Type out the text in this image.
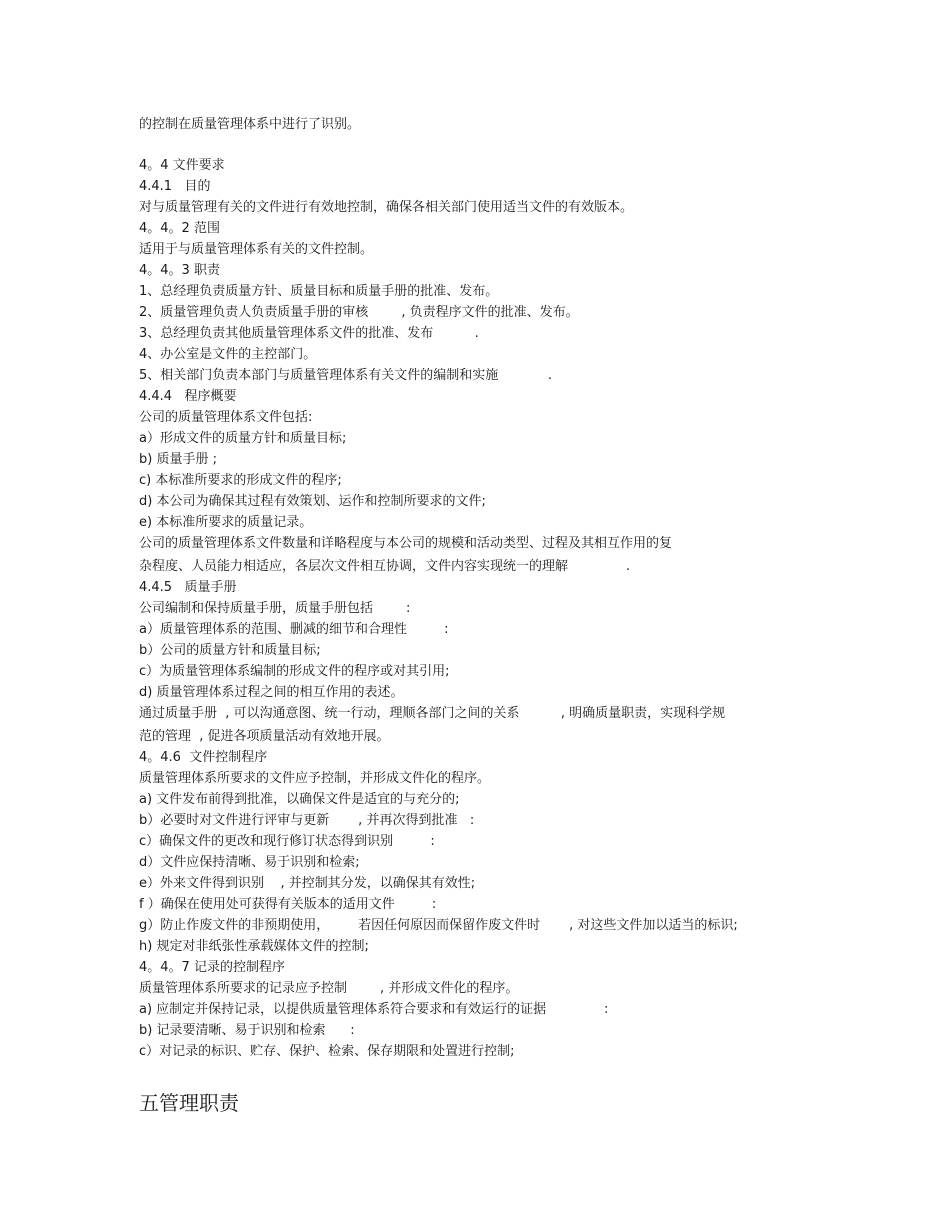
的控制在质量管理体系中进行了识别。
4。4 文件要求
4.4.1   目的
对与质量管理有关的文件进行有效地控制，确保各相关部门使用适当文件的有效版本。
4。4。2 范围
适用于与质量管理体系有关的文件控制。
4。4。3 职责
1、总经理负责质量方针、质量目标和质量手册的批准、发布。
2、质量管理负责人负责质量手册的审核        , 负责程序文件的批准、发布。
3、总经理负责其他质量管理体系文件的批准、发布          .
4、办公室是文件的主控部门。
5、相关部门负责本部门与质量管理体系有关文件的编制和实施            .
4.4.4   程序概要
公司的质量管理体系文件包括:
a）形成文件的质量方针和质量目标;
b) 质量手册 ;
c) 本标准所要求的形成文件的程序;
d) 本公司为确保其过程有效策划、运作和控制所要求的文件;
e) 本标准所要求的质量记录。
公司的质量管理体系文件数量和详略程度与本公司的规模和活动类型、过程及其相互作用的复
杂程度、人员能力相适应，各层次文件相互协调，文件内容实现统一的理解              .
4.4.5   质量手册
公司编制和保持质量手册，质量手册包括        :
a）质量管理体系的范围、删减的细节和合理性         :
b）公司的质量方针和质量目标;
c）为质量管理体系编制的形成文件的程序或对其引用;
d) 质量管理体系过程之间的相互作用的表述。
通过质量手册  , 可以沟通意图、统一行动，理顺各部门之间的关系          , 明确质量职责，实现科学规
范的管理  , 促进各项质量活动有效地开展。
4。4.6  文件控制程序
质量管理体系所要求的文件应予控制，并形成文件化的程序。
a) 文件发布前得到批准，以确保文件是适宜的与充分的;
b）必要时对文件进行评审与更新       , 并再次得到批准   :
c）确保文件的更改和现行修订状态得到识别         :
d）文件应保持清晰、易于识别和检索;
e）外来文件得到识别    , 并控制其分发，以确保其有效性;
f ）确保在使用处可获得有关版本的适用文件         :
g）防止作废文件的非预期使用，       若因任何原因而保留作废文件时       , 对这些文件加以适当的标识;
h) 规定对非纸张性承载媒体文件的控制;
4。4。7 记录的控制程序
质量管理体系所要求的记录应予控制        , 并形成文件化的程序。
a) 应制定并保持记录，以提供质量管理体系符合要求和有效运行的证据              :
b) 记录要清晰、易于识别和检索      :
c）对记录的标识、贮存、保护、检索、保存期限和处置进行控制;
五管理职责
